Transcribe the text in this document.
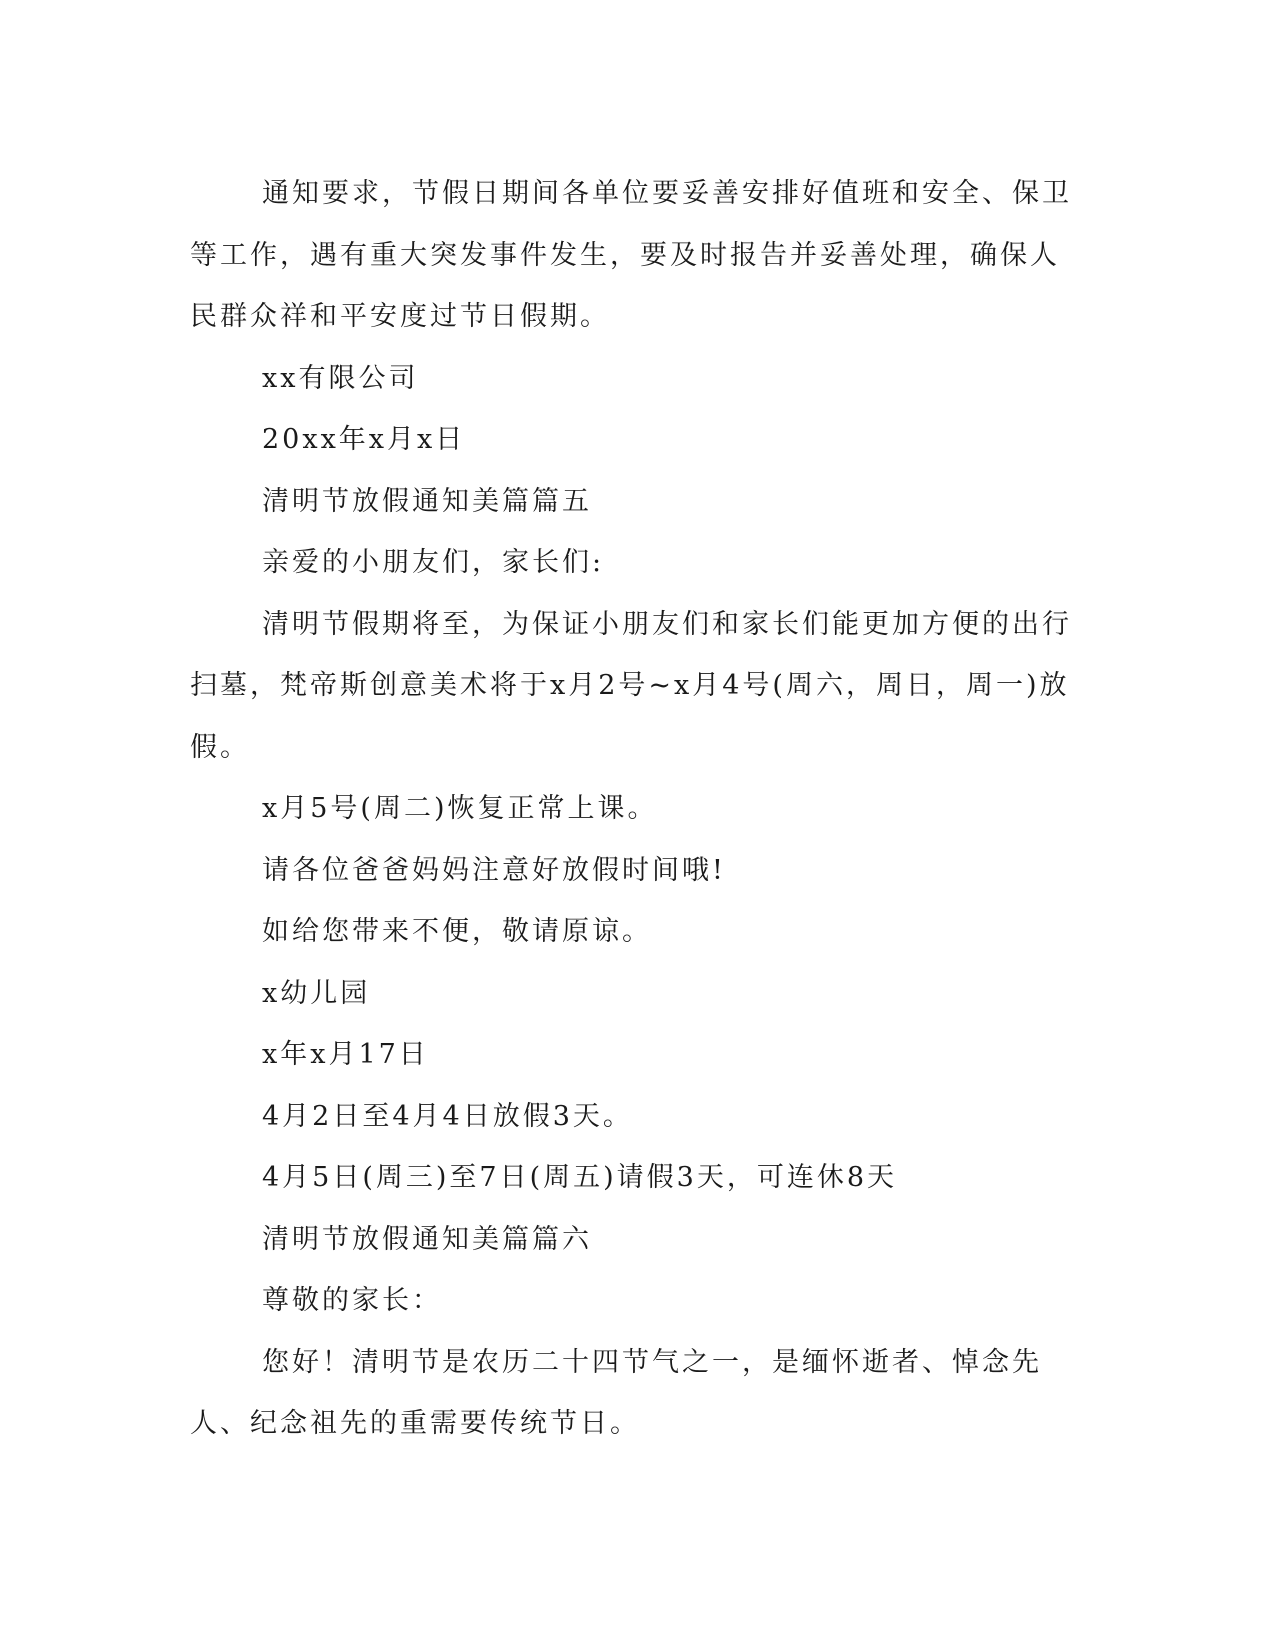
通知要求，节假日期间各单位要妥善安排好值班和安全、保卫等工作，遇有重大突发事件发生，要及时报告并妥善处理，确保人民群众祥和平安度过节日假期。

xx有限公司

20xx年x月x日

清明节放假通知美篇篇五

亲爱的小朋友们，家长们:

清明节假期将至，为保证小朋友们和家长们能更加方便的出行扫墓，梵帝斯创意美术将于x月2号~x月4号(周六，周日，周一)放假。

x月5号(周二)恢复正常上课。

请各位爸爸妈妈注意好放假时间哦!

如给您带来不便，敬请原谅。

x幼儿园

x年x月17日

4月2日至4月4日放假3天。

4月5日(周三)至7日(周五)请假3天，可连休8天

清明节放假通知美篇篇六

尊敬的家长：

您好！清明节是农历二十四节气之一，是缅怀逝者、悼念先人、纪念祖先的重需要传统节日。
